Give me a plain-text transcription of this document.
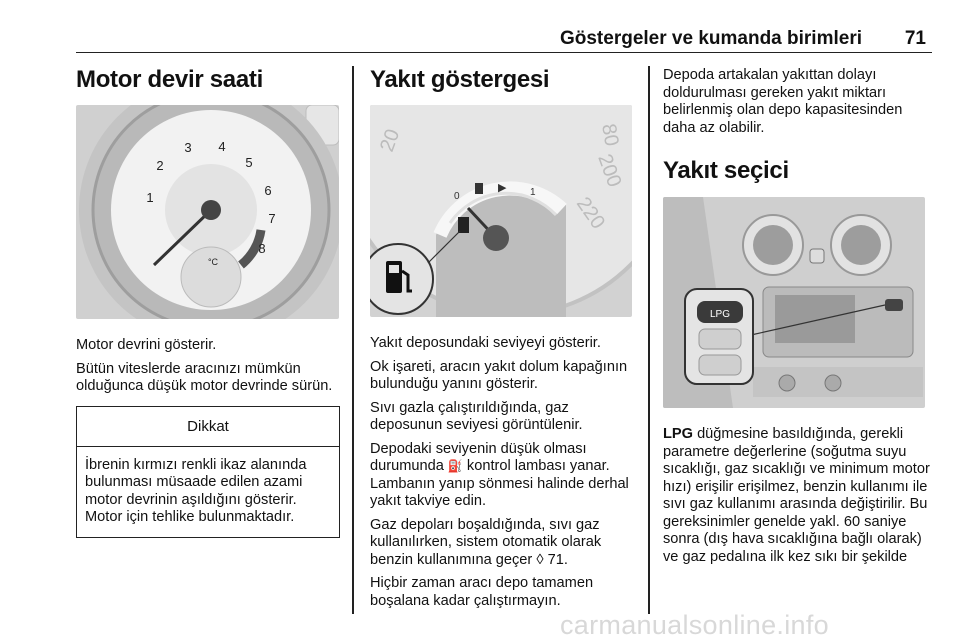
Göstergeler ve kumanda birimleri 71
Motor devir saati
1
2
3 4
5
6
7
8
°C

Motor devrini gösterir.

Bütün viteslerde aracınızı mümkün olduğunca düşük motor devrinde sürün.

Dikkat
İbrenin kırmızı renkli ikaz alanında bulunması müsaade edilen azami motor devrinin aşıldığını gösterir. Motor için tehlike bulunmaktadır.
Yakıt göstergesi
20	80
200
220
▶
0	1

Yakıt deposundaki seviyeyi gösterir.

Ok işareti, aracın yakıt dolum kapağının bulunduğu yanını gösterir.

Sıvı gazla çalıştırıldığında, gaz deposunun seviyesi görüntülenir.

Depodaki seviyenin düşük olması durumunda ⛽ kontrol lambası yanar. Lambanın yanıp sönmesi halinde derhal yakıt takviye edin.

Gaz depoları boşaldığında, sıvı gaz kullanılırken, sistem otomatik olarak benzin kullanımına geçer ◊ 71.

Hiçbir zaman aracı depo tamamen boşalana kadar çalıştırmayın.

Depoda artakalan yakıttan dolayı doldurulması gereken yakıt miktarı belirlenmiş olan depo kapasitesinden daha az olabilir.

Yakıt seçici
LPG

LPG düğmesine basıldığında, gerekli parametre değerlerine (soğutma suyu sıcaklığı, gaz sıcaklığı ve minimum motor hızı) erişilir erişilmez, benzin kullanımı ile sıvı gaz kullanımı arasında değiştirilir. Bu gereksinimler genelde yakl. 60 saniye sonra (dış hava sıcaklığına bağlı olarak) ve gaz pedalına ilk kez sıkı bir şekilde

carmanualsonline.info
